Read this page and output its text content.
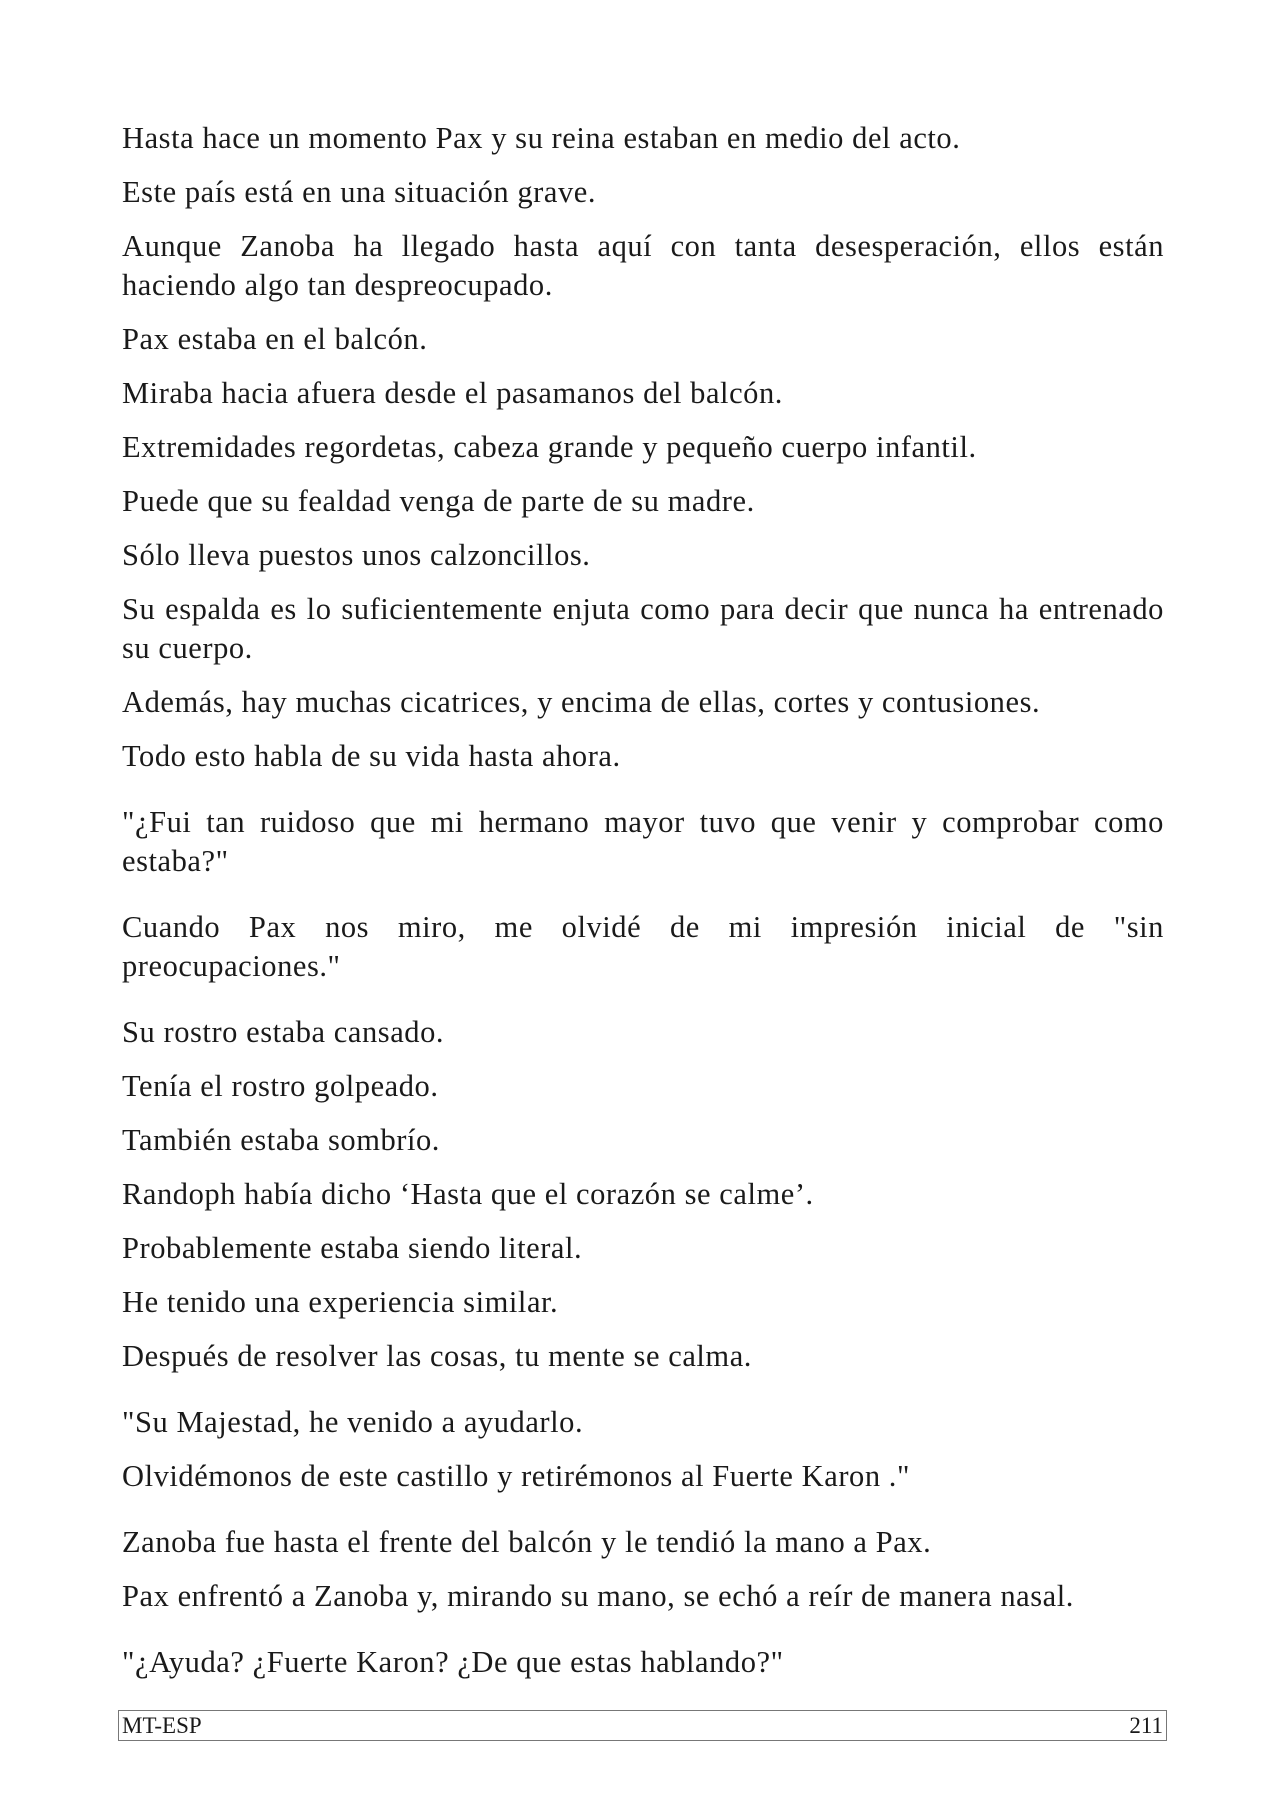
Hasta hace un momento Pax y su reina estaban en medio del acto.

Este país está en una situación grave.

Aunque Zanoba ha llegado hasta aquí con tanta desesperación, ellos están haciendo algo tan despreocupado.

Pax estaba en el balcón.

Miraba hacia afuera desde el pasamanos del balcón.

Extremidades regordetas, cabeza grande y pequeño cuerpo infantil.

Puede que su fealdad venga de parte de su madre.

Sólo lleva puestos unos calzoncillos.

Su espalda es lo suficientemente enjuta como para decir que nunca ha entrenado su cuerpo.

Además, hay muchas cicatrices, y encima de ellas, cortes y contusiones.

Todo esto habla de su vida hasta ahora.

"¿Fui tan ruidoso que mi hermano mayor tuvo que venir y comprobar como estaba?"

Cuando Pax nos miro, me olvidé de mi impresión inicial de "sin preocupaciones."

Su rostro estaba cansado.

Tenía el rostro golpeado.

También estaba sombrío.

Randoph había dicho ‘Hasta que el corazón se calme’.

Probablemente estaba siendo literal.

He tenido una experiencia similar.

Después de resolver las cosas, tu mente se calma.

"Su Majestad, he venido a ayudarlo.

Olvidémonos de este castillo y retirémonos al Fuerte Karon ."

Zanoba fue hasta el frente del balcón y le tendió la mano a Pax.

Pax enfrentó a Zanoba y, mirando su mano, se echó a reír de manera nasal.

"¿Ayuda? ¿Fuerte Karon? ¿De que estas hablando?"

MT-ESP	211
